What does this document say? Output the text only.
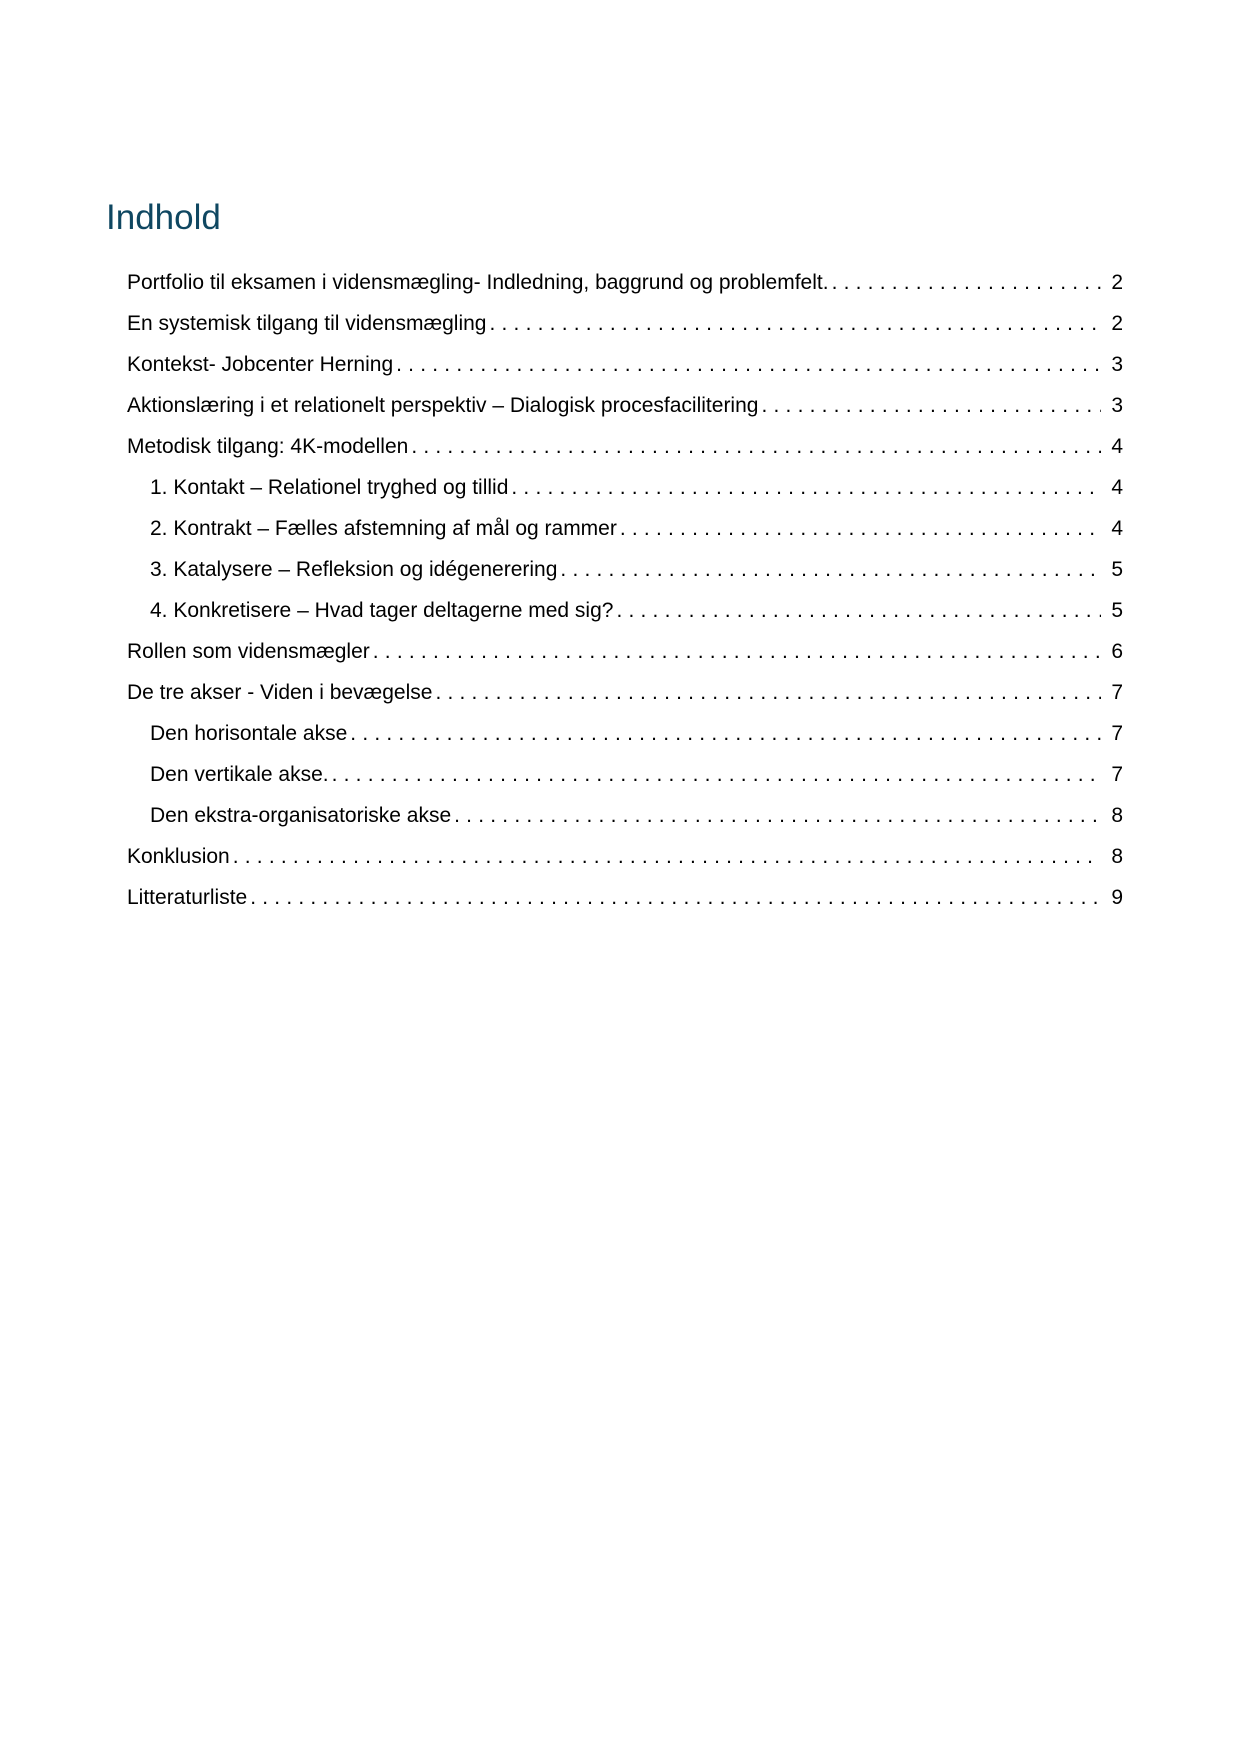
Indhold
Portfolio til eksamen i vidensmægling- Indledning, baggrund og problemfelt. .....	2
En systemisk tilgang til vidensmægling .....	2
Kontekst- Jobcenter Herning .....	3
Aktionslæring i et relationelt perspektiv – Dialogisk procesfacilitering .....	3
Metodisk tilgang: 4K-modellen .....	4
1. Kontakt – Relationel tryghed og tillid .....	4
2. Kontrakt – Fælles afstemning af mål og rammer .....	4
3. Katalysere – Refleksion og idégenerering .....	5
4. Konkretisere – Hvad tager deltagerne med sig? .....	5
Rollen som vidensmægler .....	6
De tre akser - Viden i bevægelse .....	7
Den horisontale akse .....	7
Den vertikale akse. .....	7
Den ekstra-organisatoriske akse .....	8
Konklusion .....	8
Litteraturliste .....	9
